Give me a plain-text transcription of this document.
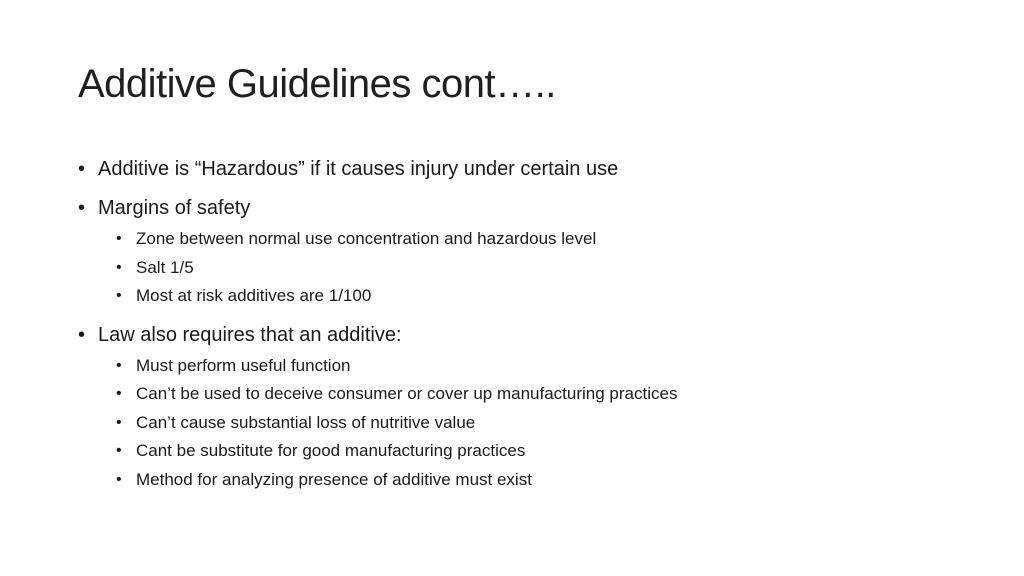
Additive Guidelines cont…..
• Additive is “Hazardous” if it causes injury under certain use
• Margins of safety
• Zone between normal use concentration and hazardous level
• Salt 1/5
• Most at risk additives are 1/100
• Law also requires that an additive:
• Must perform useful function
• Can’t be used to deceive consumer or cover up manufacturing practices
• Can’t cause substantial loss of nutritive value
• Cant be substitute for good manufacturing practices
• Method for analyzing presence of additive must exist
